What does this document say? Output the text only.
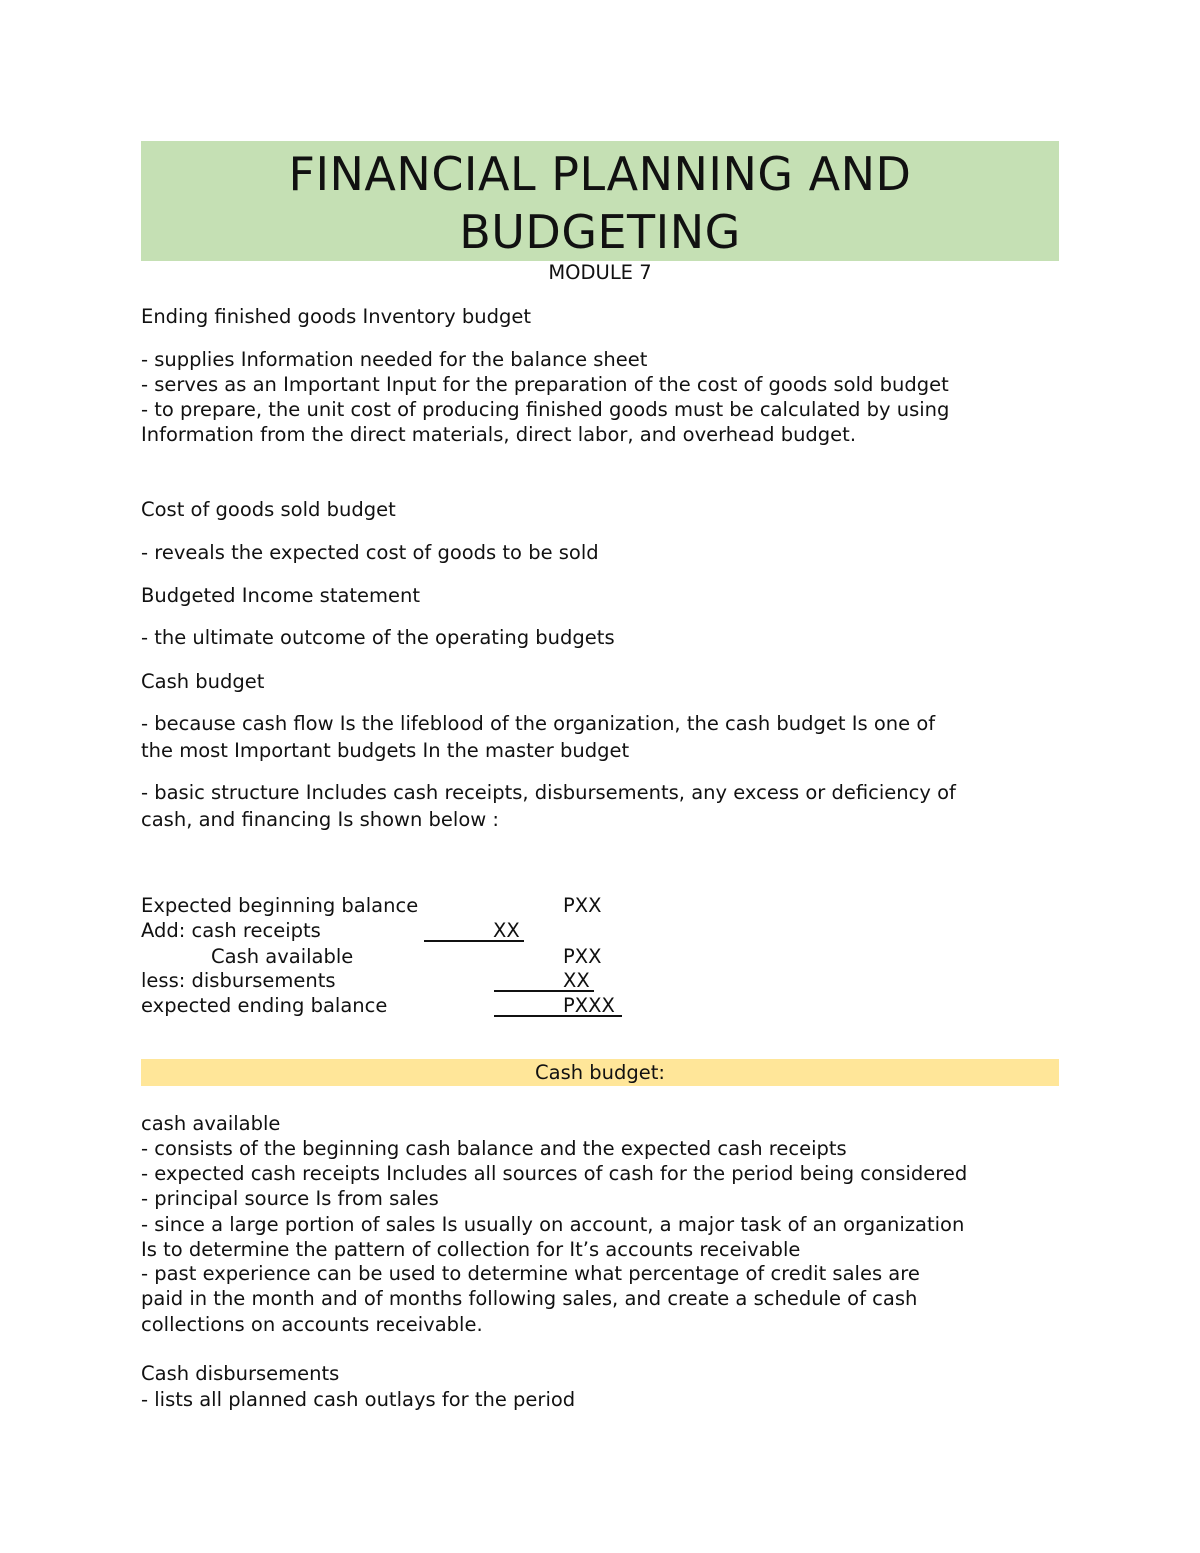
FINANCIAL PLANNING AND
BUDGETING
MODULE 7
Ending finished goods Inventory budget
- supplies Information needed for the balance sheet
- serves as an Important Input for the preparation of the cost of goods sold budget
- to prepare, the unit cost of producing finished goods must be calculated by using
Information from the direct materials, direct labor, and overhead budget.
Cost of goods sold budget
- reveals the expected cost of goods to be sold
Budgeted Income statement
- the ultimate outcome of the operating budgets
Cash budget
- because cash flow Is the lifeblood of the organization, the cash budget Is one of
the most Important budgets In the master budget
- basic structure Includes cash receipts, disbursements, any excess or deficiency of
cash, and financing Is shown below :
Expected beginning balance	PXX
Add: cash receipts	XX
Cash available	PXX
less: disbursements	XX
expected ending balance	PXXX
Cash budget:
cash available
- consists of the beginning cash balance and the expected cash receipts
- expected cash receipts Includes all sources of cash for the period being considered
- principal source Is from sales
- since a large portion of sales Is usually on account, a major task of an organization
Is to determine the pattern of collection for It’s accounts receivable
- past experience can be used to determine what percentage of credit sales are
paid in the month and of months following sales, and create a schedule of cash
collections on accounts receivable.
Cash disbursements
- lists all planned cash outlays for the period
